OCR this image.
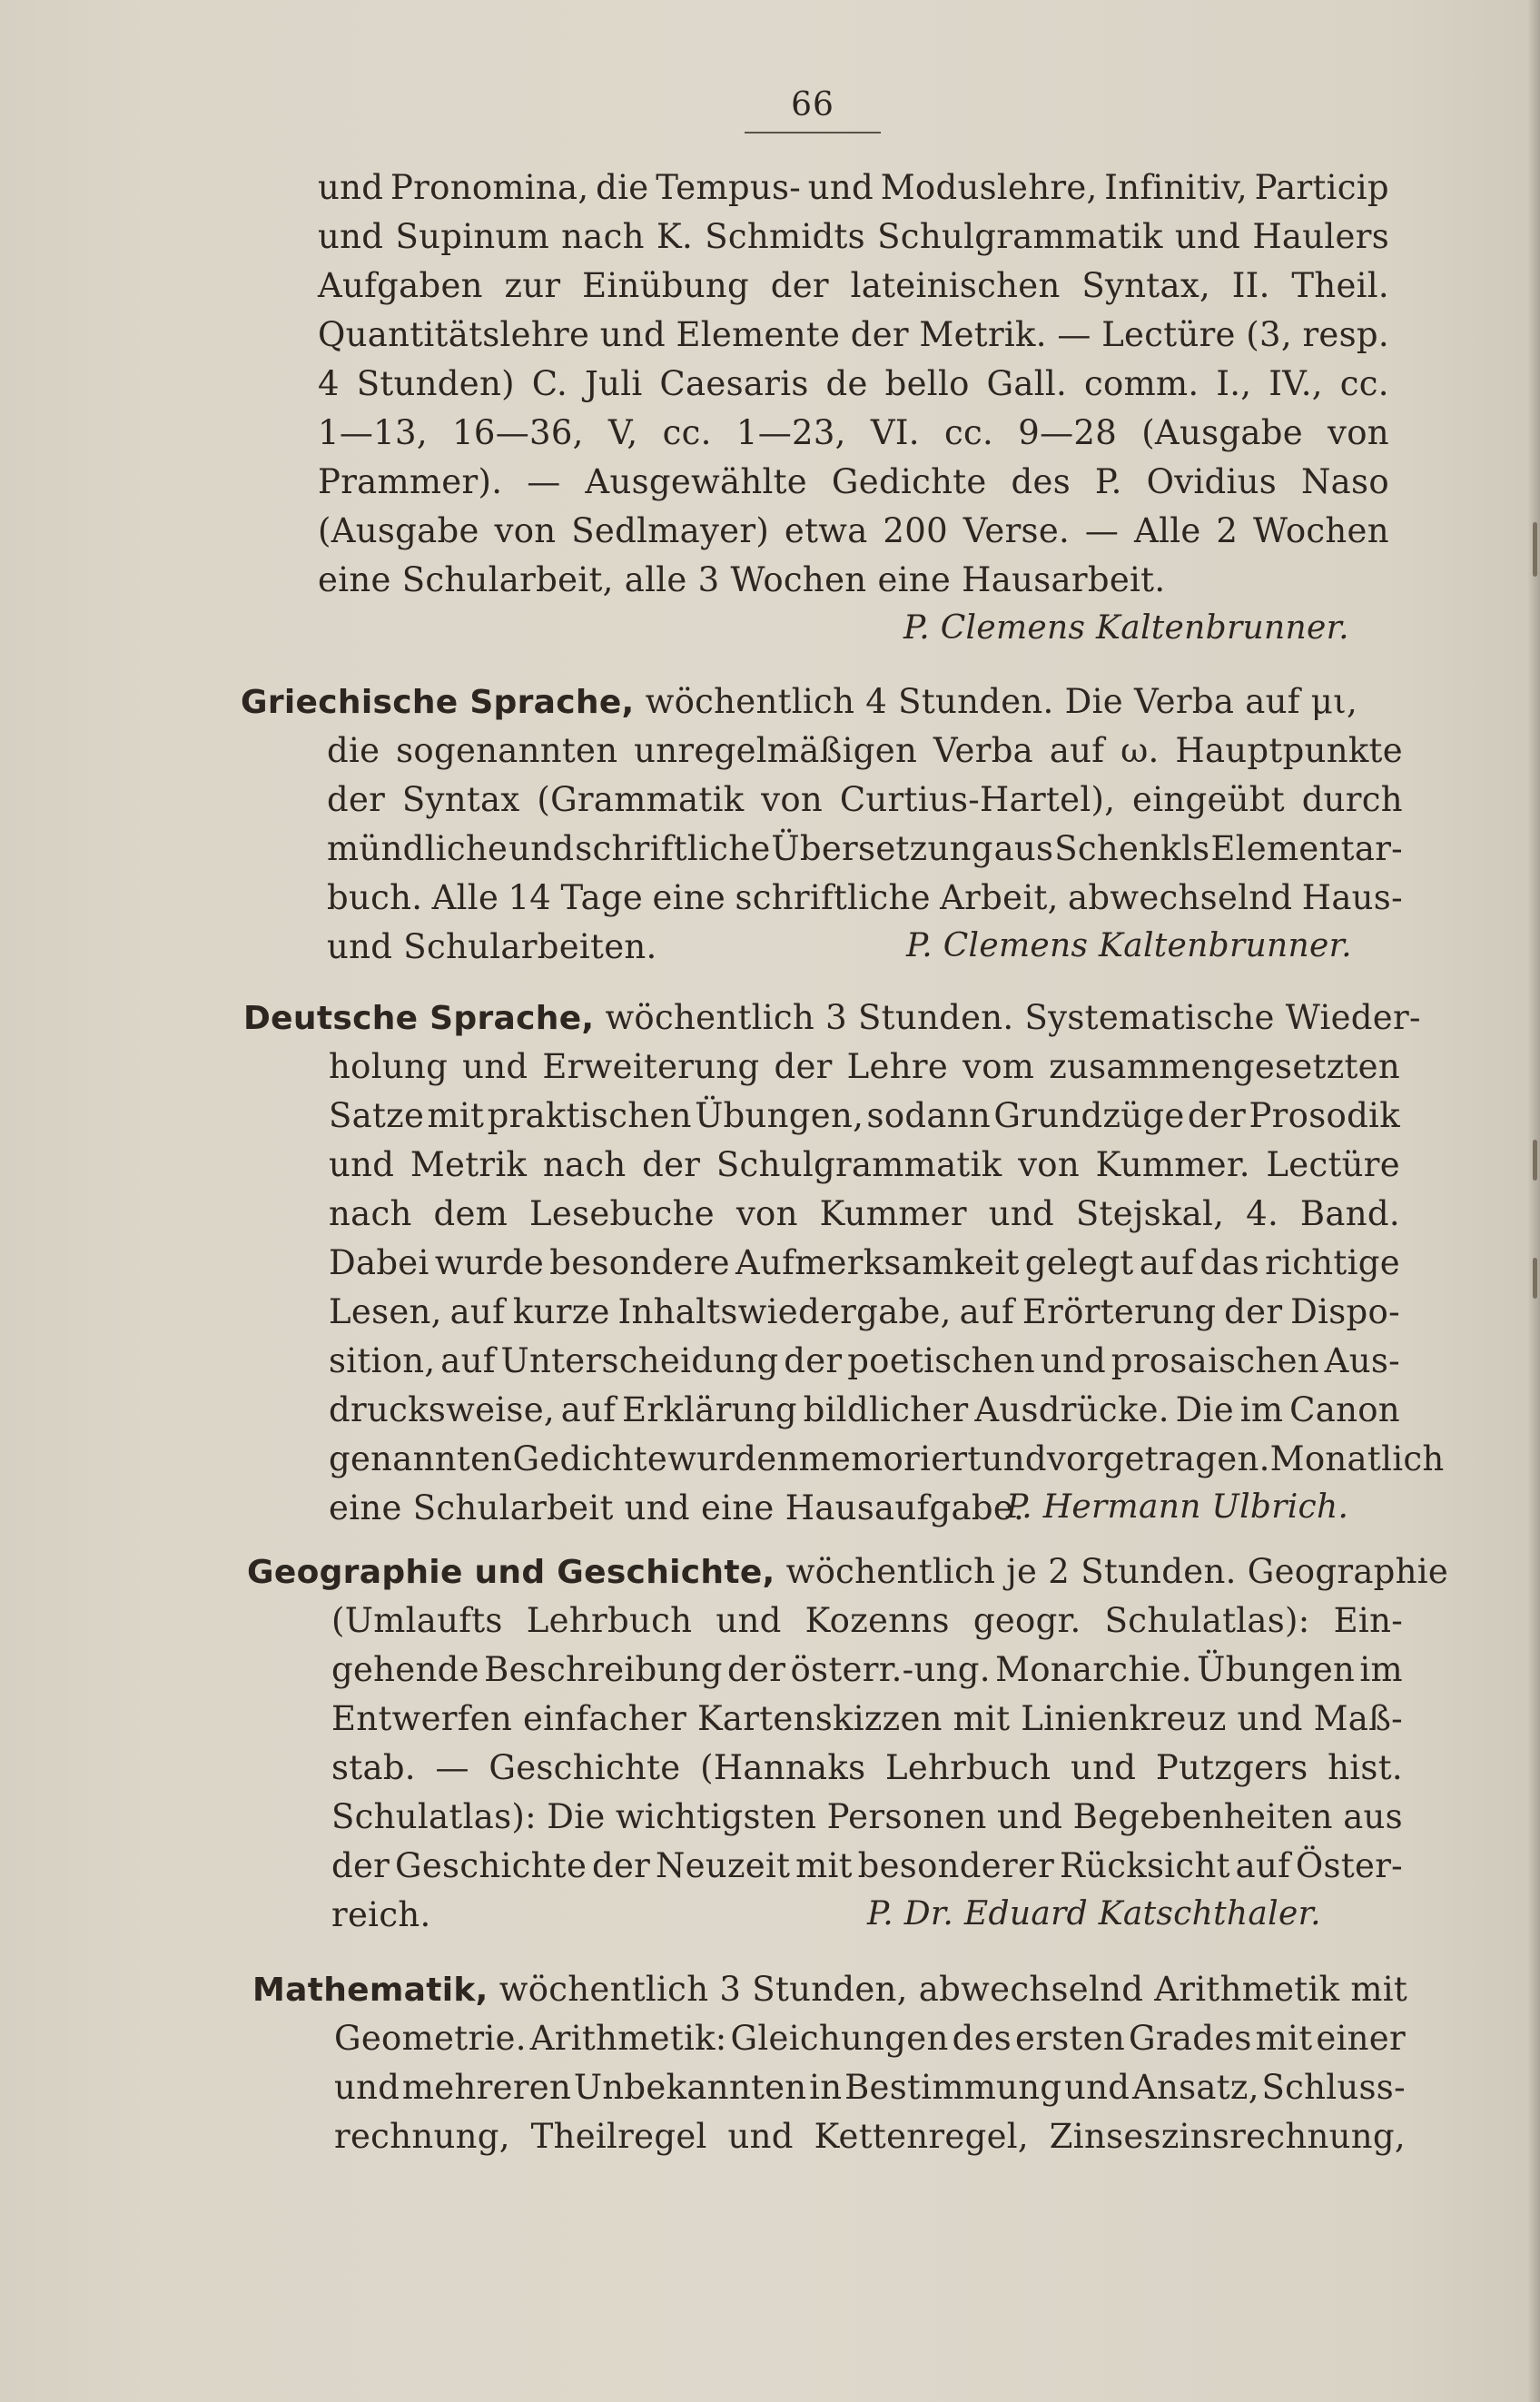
66
und Pronomina, die Tempus- und Moduslehre, Infinitiv, Particip
und Supinum nach K. Schmidts Schulgrammatik und Haulers
Aufgaben zur Einübung der lateinischen Syntax, II. Theil.
Quantitätslehre und Elemente der Metrik. — Lectüre (3, resp.
4 Stunden) C. Juli Caesaris de bello Gall. comm. I., IV., cc.
1—13, 16—36, V, cc. 1—23, VI. cc. 9—28 (Ausgabe von
Prammer). — Ausgewählte Gedichte des P. Ovidius Naso
(Ausgabe von Sedlmayer) etwa 200 Verse. — Alle 2 Wochen
eine Schularbeit, alle 3 Wochen eine Hausarbeit.
P. Clemens Kaltenbrunner.
Griechische Sprache, wöchentlich 4 Stunden. Die Verba auf μι,
die sogenannten unregelmäßigen Verba auf ω. Hauptpunkte
der Syntax (Grammatik von Curtius-Hartel), eingeübt durch
mündliche und schriftliche Übersetzung aus Schenkls Elementar-
buch. Alle 14 Tage eine schriftliche Arbeit, abwechselnd Haus-
und Schularbeiten.	P. Clemens Kaltenbrunner.
Deutsche Sprache, wöchentlich 3 Stunden. Systematische Wieder-
holung und Erweiterung der Lehre vom zusammengesetzten
Satze mit praktischen Übungen, sodann Grundzüge der Prosodik
und Metrik nach der Schulgrammatik von Kummer. Lectüre
nach dem Lesebuche von Kummer und Stejskal, 4. Band.
Dabei wurde besondere Aufmerksamkeit gelegt auf das richtige
Lesen, auf kurze Inhaltswiedergabe, auf Erörterung der Dispo-
sition, auf Unterscheidung der poetischen und prosaischen Aus-
drucksweise, auf Erklärung bildlicher Ausdrücke. Die im Canon
genannten Gedichte wurden memoriert und vorgetragen. Monatlich
eine Schularbeit und eine Hausaufgabe.
P. Hermann Ulbrich.
Geographie und Geschichte, wöchentlich je 2 Stunden. Geographie
(Umlaufts Lehrbuch und Kozenns geogr. Schulatlas): Ein-
gehende Beschreibung der österr.-ung. Monarchie. Übungen im
Entwerfen einfacher Kartenskizzen mit Linienkreuz und Maß-
stab. — Geschichte (Hannaks Lehrbuch und Putzgers hist.
Schulatlas): Die wichtigsten Personen und Begebenheiten aus
der Geschichte der Neuzeit mit besonderer Rücksicht auf Öster-
reich.	P. Dr. Eduard Katschthaler.
Mathematik, wöchentlich 3 Stunden, abwechselnd Arithmetik mit
Geometrie. Arithmetik: Gleichungen des ersten Grades mit einer
und mehreren Unbekannten in Bestimmung und Ansatz, Schluss-
rechnung, Theilregel und Kettenregel, Zinseszinsrechnung,
